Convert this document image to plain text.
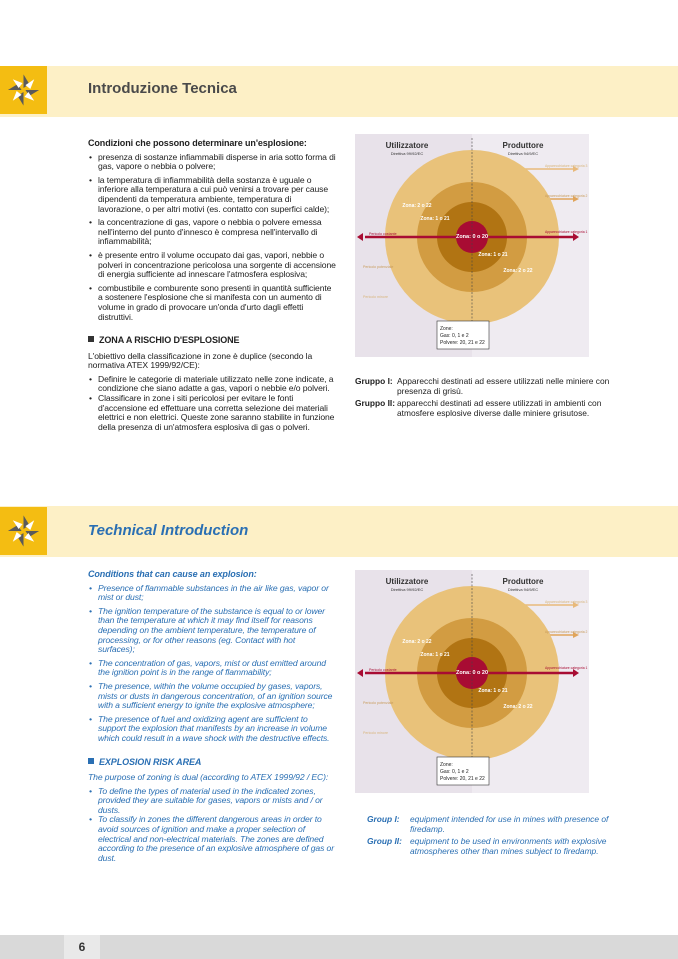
Introduzione Tecnica
Condizioni che possono determinare un'esplosione:
• presenza di sostanze infiammabili disperse in aria sotto forma di gas, vapore o nebbia o polvere;
• la temperatura di infiammabilità della sostanza è uguale o inferiore alla temperatura a cui può venirsi a trovare per cause dipendenti da temperatura ambiente, temperatura di lavorazione, o per altri motivi (es. contatto con superfici calde);
• la concentrazione di gas, vapore o nebbia o polvere emessa nell'interno del punto d'innesco è compresa nell'intervallo di infiammabilità;
• è presente entro il volume occupato dai gas, vapori, nebbie o polveri in concentrazione pericolosa una sorgente di accensione di energia sufficiente ad innescare l'atmosfera esplosiva;
• combustibile e comburente sono presenti in quantità sufficiente a sostenere l'esplosione che si manifesta con un aumento di volume in grado di provocare un'onda d'urto dagli effetti distruttivi.
ZONA A RISCHIO D'ESPLOSIONE

L'obiettivo della classificazione in zone è duplice (secondo la normativa ATEX 1999/92/CE):

• Definire le categorie di materiale utilizzato nelle zone indicate, a condizione che siano adatte a gas, vapori o nebbie e/o polveri.
• Classificare in zone i siti pericolosi per evitare le fonti d'accensione ed effettuare una corretta selezione dei materiali elettrici e non elettrici. Queste zone saranno stabilite in funzione della presenza di un'atmosfera esplosiva di gas o polveri.
Utilizzatore
Direttiva 99/92/EC
Produttore
Direttiva 94/9/EC
Zona: 2 o 22
Zona: 1 o 21
Zona: 0 o 20
Zona: 1 o 21
Zona: 2 o 22
Pericolo costante
Pericolo potenziale
Pericolo minore
Apparecchiature categoria 3
Apparecchiature categoria 2
Apparecchiature categoria 1
Zone:
Gas: 0, 1 e 2
Polvere: 20, 21 e 22
Gruppo I: Apparecchi destinati ad essere utilizzati nelle miniere con presenza di grisù.
Gruppo II: apparecchi destinati ad essere utilizzati in ambienti con atmosfere esplosive diverse dalle miniere grisutose.
Technical Introduction
Conditions that can cause an explosion:
• Presence of flammable substances in the air like gas, vapor or mist or dust;
• The ignition temperature of the substance is equal to or lower than the temperature at which it may find itself for reasons depending on the ambient temperature, the temperature of processing, or for other reasons (eg. Contact with hot surfaces);
• The concentration of gas, vapors, mist or dust emitted around the ignition point is in the range of flammability;
• The presence, within the volume occupied by gases, vapors, mists or dusts in dangerous concentration, of an ignition source with a sufficient energy to ignite the explosive atmosphere;
• The presence of fuel and oxidizing agent are sufficient to support the explosion that manifests by an increase in volume which could result in a wave shock with the destructive effects.
EXPLOSION RISK AREA

The purpose of zoning is dual (according to ATEX 1999/92 / EC):

• To define the types of material used in the indicated zones, provided they are suitable for gases, vapors or mists and / or dusts.
• To classify in zones the different dangerous areas in order to avoid sources of ignition and make a proper selection of electrical and non-electrical materials. The zones are defined according to the presence of an explosive atmosphere of gas or dust.
Utilizzatore
Direttiva 99/92/EC
Produttore
Direttiva 94/9/EC
Zona: 2 o 22
Zona: 1 o 21
Zona: 0 o 20
Zona: 1 o 21
Zona: 2 o 22
Pericolo costante
Pericolo potenziale
Pericolo minore
Apparecchiature categoria 3
Apparecchiature categoria 2
Apparecchiature categoria 1
Zone:
Gas: 0, 1 e 2
Polvere: 20, 21 e 22
Group I: equipment intended for use in mines with presence of firedamp.
Group II: equipment to be used in environments with explosive atmospheres other than mines subject to firedamp.
6
